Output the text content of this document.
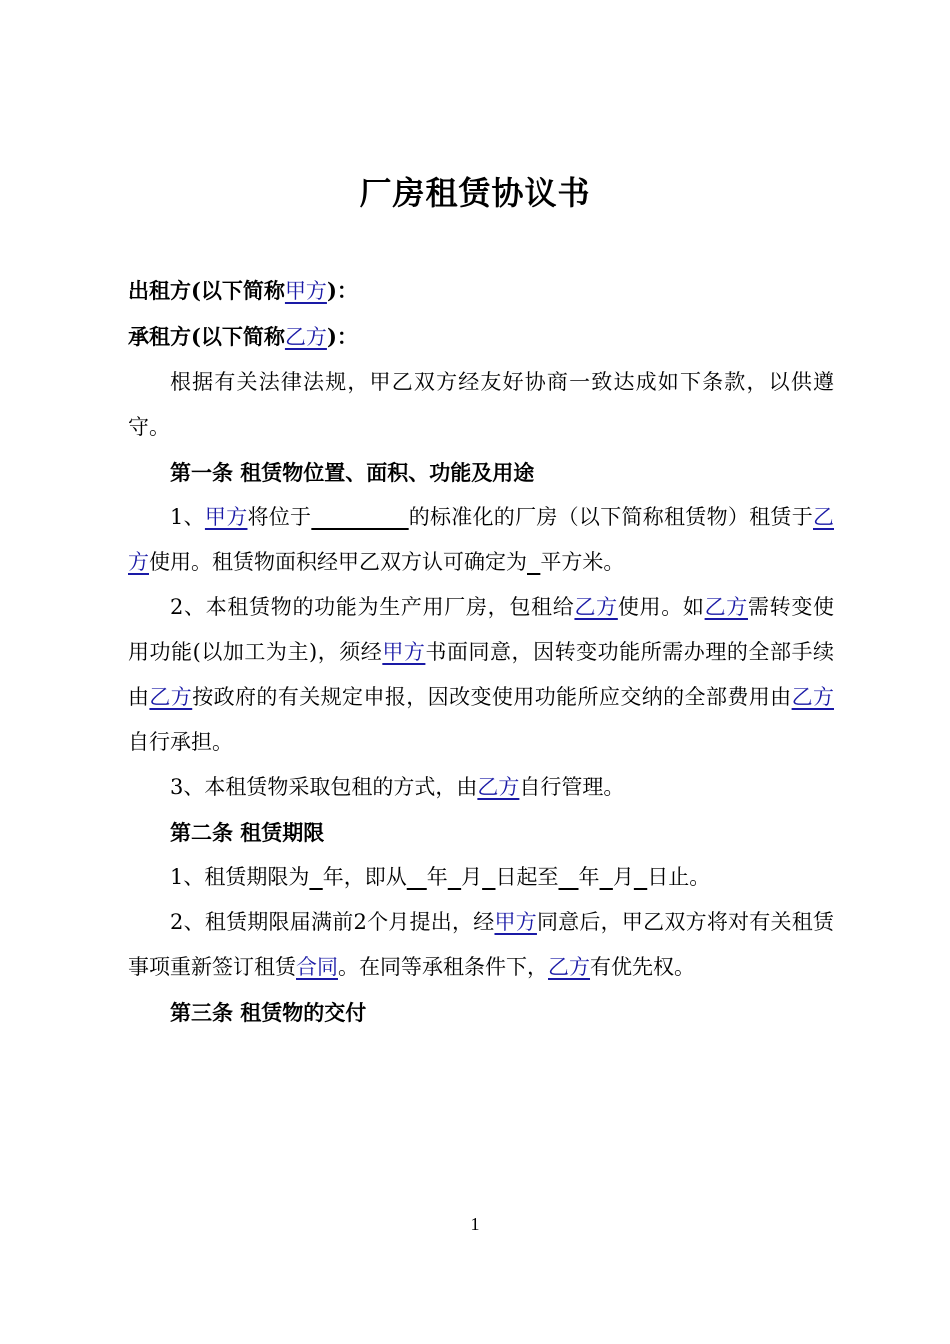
厂房租赁协议书

出租方(以下简称甲方)：

承租方(以下简称乙方)：

根据有关法律法规，甲乙双方经友好协商一致达成如下条款，以供遵守。

第一条 租赁物位置、面积、功能及用途

1、甲方将位于	的标准化的厂房（以下简称租赁物）租赁于乙方使用。租赁物面积经甲乙双方认可确定为 平方米。

2、本租赁物的功能为生产用厂房，包租给乙方使用。如乙方需转变使用功能(以加工为主)，须经甲方书面同意，因转变功能所需办理的全部手续由乙方按政府的有关规定申报，因改变使用功能所应交纳的全部费用由乙方自行承担。

3、本租赁物采取包租的方式，由乙方自行管理。

第二条 租赁期限

1、租赁期限为 年，即从 年 月 日起至 年 月 日止。

2、租赁期限届满前2个月提出，经甲方同意后，甲乙双方将对有关租赁事项重新签订租赁合同。在同等承租条件下，乙方有优先权。

第三条 租赁物的交付

1
